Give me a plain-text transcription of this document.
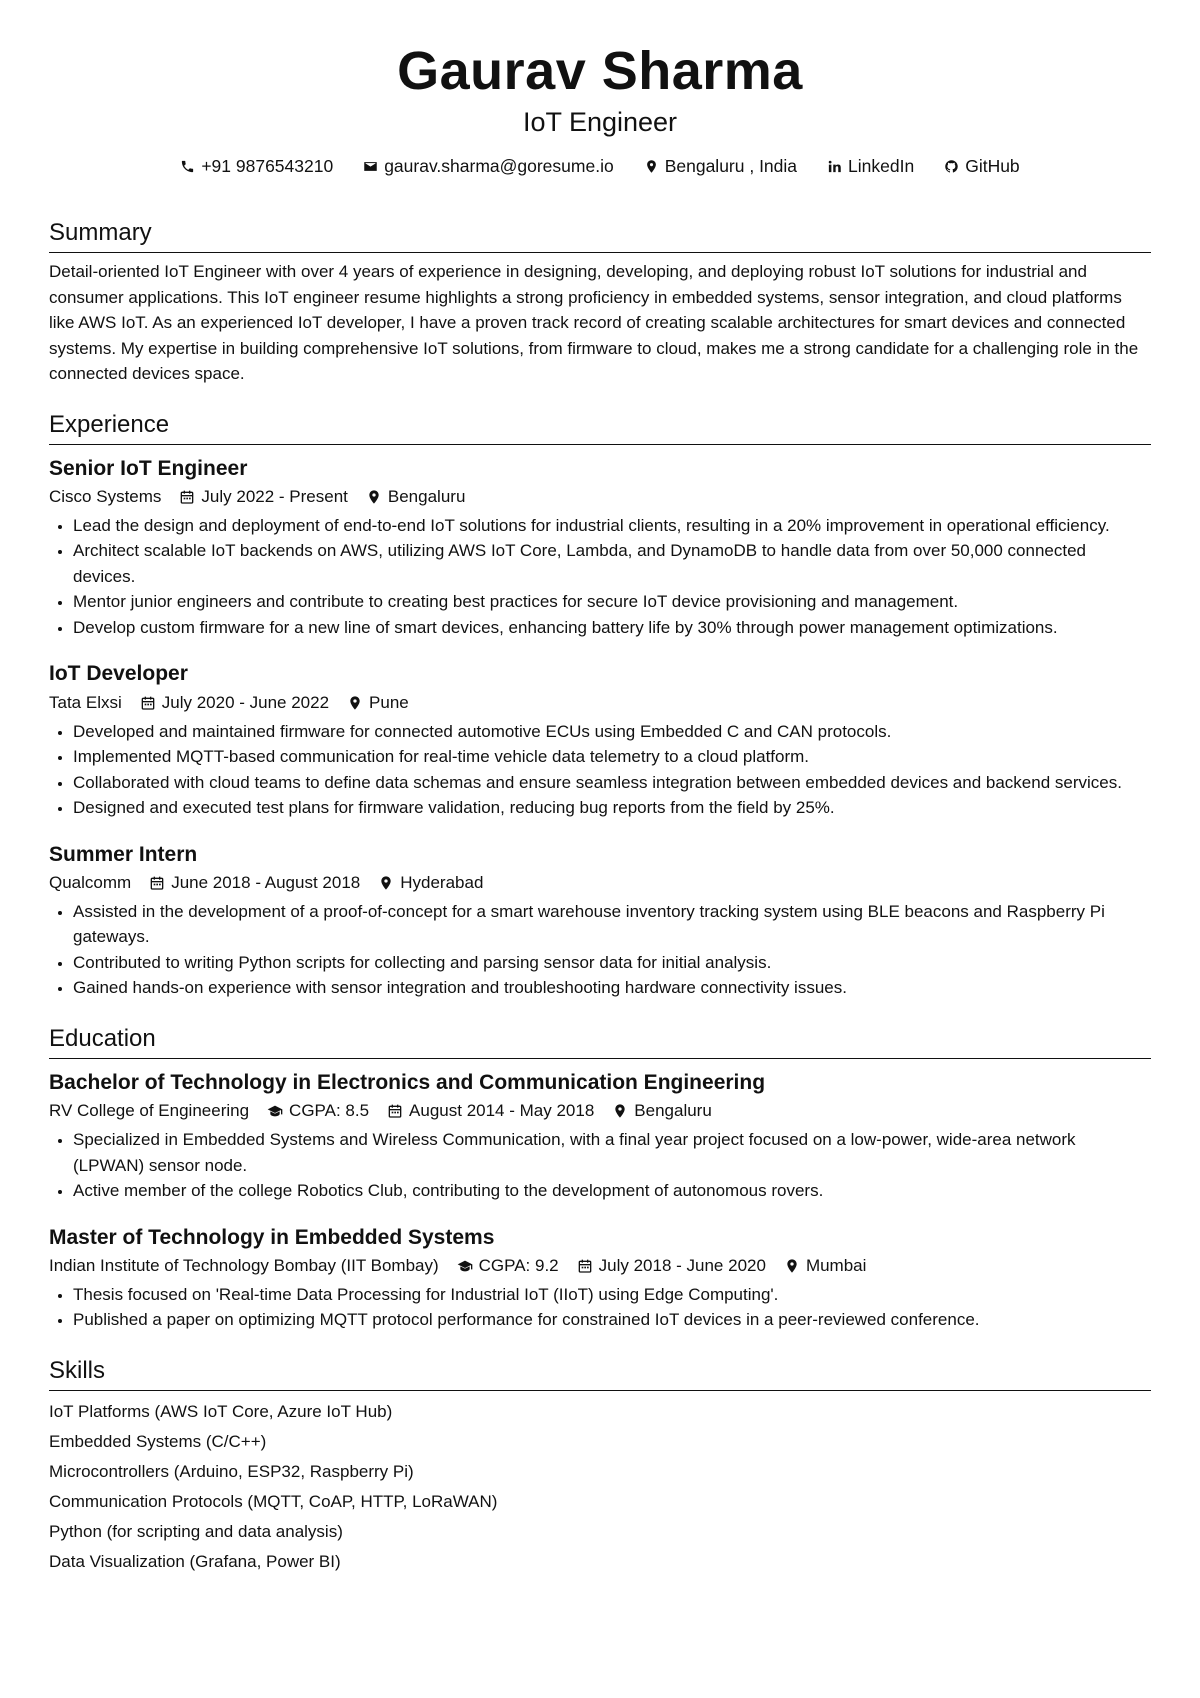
Gaurav Sharma
IoT Engineer
+91 9876543210	gaurav.sharma@goresume.io	Bengaluru , India	LinkedIn	GitHub
Summary

Detail-oriented IoT Engineer with over 4 years of experience in designing, developing, and deploying robust IoT solutions for industrial and consumer applications. This IoT engineer resume highlights a strong proficiency in embedded systems, sensor integration, and cloud platforms like AWS IoT. As an experienced IoT developer, I have a proven track record of creating scalable architectures for smart devices and connected systems. My expertise in building comprehensive IoT solutions, from firmware to cloud, makes me a strong candidate for a challenging role in the connected devices space.

Experience
Senior IoT Engineer
Cisco Systems July 2022 - Present Bengaluru
• Lead the design and deployment of end-to-end IoT solutions for industrial clients, resulting in a 20% improvement in operational efficiency.
• Architect scalable IoT backends on AWS, utilizing AWS IoT Core, Lambda, and DynamoDB to handle data from over 50,000 connected devices.
• Mentor junior engineers and contribute to creating best practices for secure IoT device provisioning and management.
• Develop custom firmware for a new line of smart devices, enhancing battery life by 30% through power management optimizations.
IoT Developer
Tata Elxsi July 2020 - June 2022 Pune
• Developed and maintained firmware for connected automotive ECUs using Embedded C and CAN protocols.
• Implemented MQTT-based communication for real-time vehicle data telemetry to a cloud platform.
• Collaborated with cloud teams to define data schemas and ensure seamless integration between embedded devices and backend services.
• Designed and executed test plans for firmware validation, reducing bug reports from the field by 25%.
Summer Intern
Qualcomm June 2018 - August 2018 Hyderabad
• Assisted in the development of a proof-of-concept for a smart warehouse inventory tracking system using BLE beacons and Raspberry Pi gateways.
• Contributed to writing Python scripts for collecting and parsing sensor data for initial analysis.
• Gained hands-on experience with sensor integration and troubleshooting hardware connectivity issues.
Education
Bachelor of Technology in Electronics and Communication Engineering
RV College of Engineering CGPA: 8.5 August 2014 - May 2018 Bengaluru
• Specialized in Embedded Systems and Wireless Communication, with a final year project focused on a low-power, wide-area network (LPWAN) sensor node.
• Active member of the college Robotics Club, contributing to the development of autonomous rovers.
Master of Technology in Embedded Systems
Indian Institute of Technology Bombay (IIT Bombay) CGPA: 9.2 July 2018 - June 2020 Mumbai
• Thesis focused on 'Real-time Data Processing for Industrial IoT (IIoT) using Edge Computing'.
• Published a paper on optimizing MQTT protocol performance for constrained IoT devices in a peer-reviewed conference.
Skills
IoT Platforms (AWS IoT Core, Azure IoT Hub)
Embedded Systems (C/C++)
Microcontrollers (Arduino, ESP32, Raspberry Pi)
Communication Protocols (MQTT, CoAP, HTTP, LoRaWAN)
Python (for scripting and data analysis)
Data Visualization (Grafana, Power BI)
